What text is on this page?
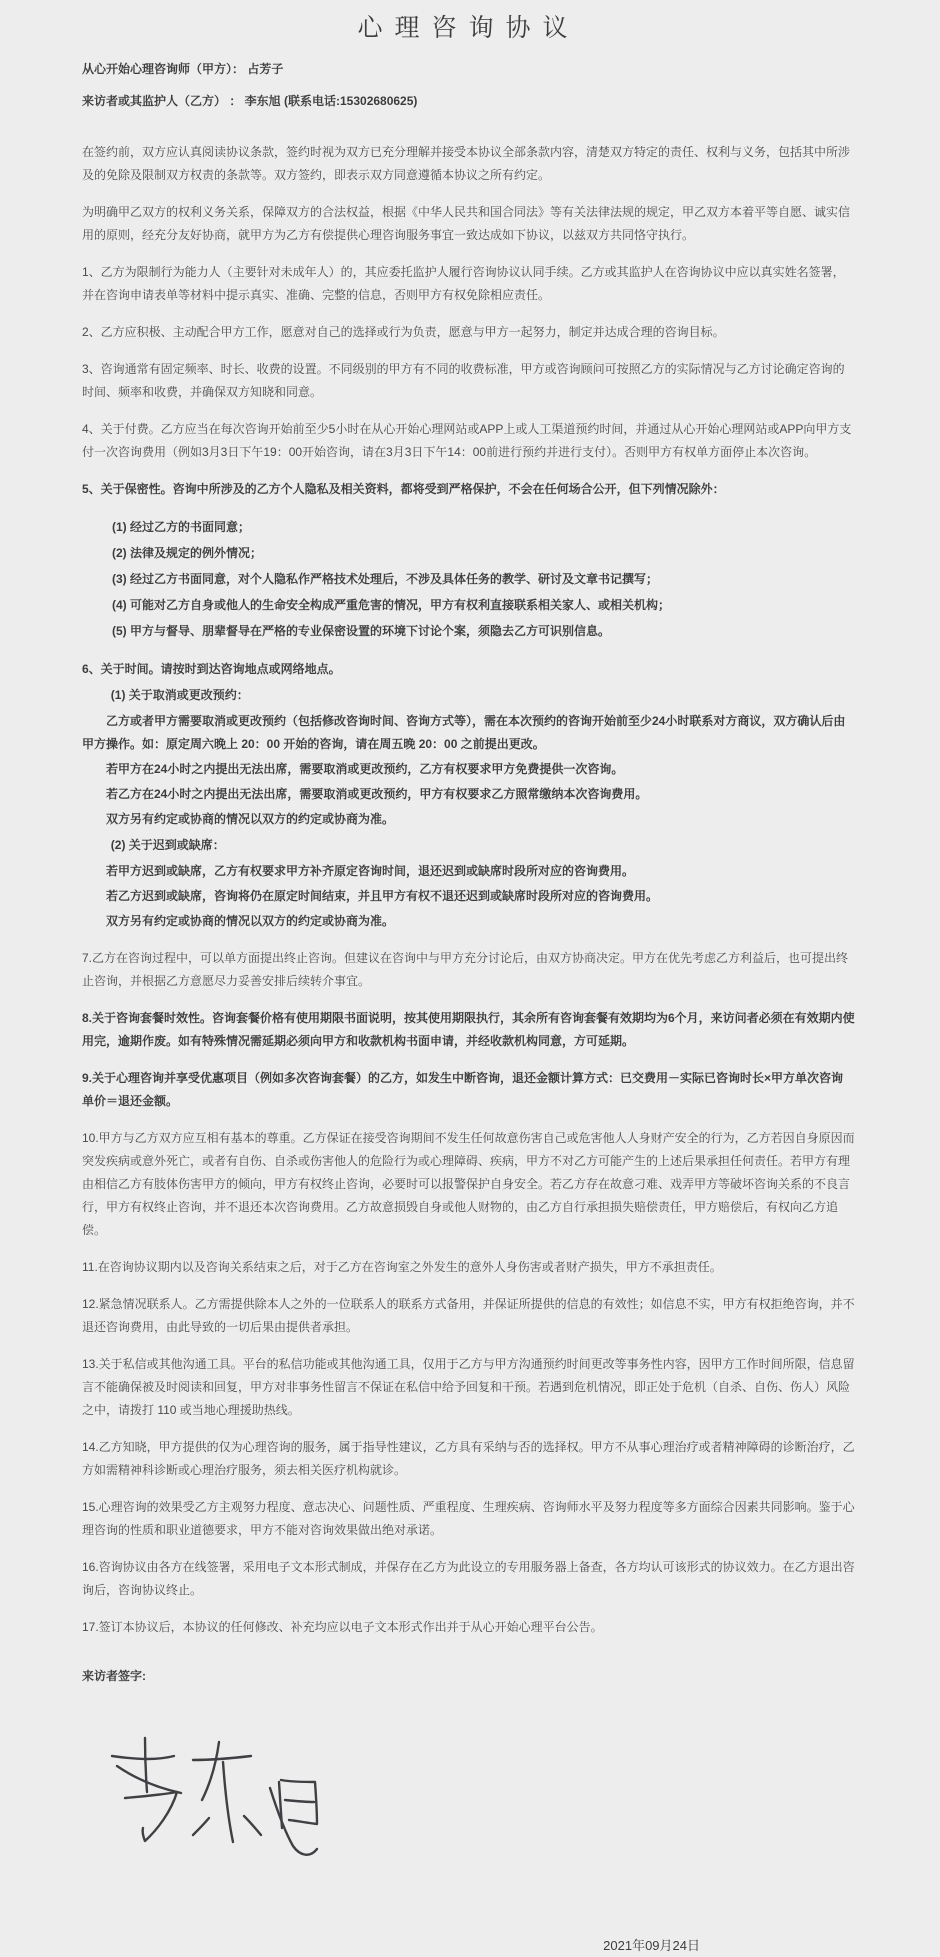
心理咨询协议

从心开始心理咨询师（甲方）： 占芳子

来访者或其监护人（乙方） ： 李东旭 (联系电话:15302680625)

在签约前，双方应认真阅读协议条款，签约时视为双方已充分理解并接受本协议全部条款内容，清楚双方特定的责任、权利与义务，包括其中所涉及的免除及限制双方权责的条款等。双方签约，即表示双方同意遵循本协议之所有约定。

为明确甲乙双方的权利义务关系，保障双方的合法权益，根据《中华人民共和国合同法》等有关法律法规的规定，甲乙双方本着平等自愿、诚实信用的原则，经充分友好协商，就甲方为乙方有偿提供心理咨询服务事宜一致达成如下协议，以兹双方共同恪守执行。

1、乙方为限制行为能力人（主要针对未成年人）的，其应委托监护人履行咨询协议认同手续。乙方或其监护人在咨询协议中应以真实姓名签署，并在咨询申请表单等材料中提示真实、准确、完整的信息，否则甲方有权免除相应责任。

2、乙方应积极、主动配合甲方工作，愿意对自己的选择或行为负责，愿意与甲方一起努力，制定并达成合理的咨询目标。

3、咨询通常有固定频率、时长、收费的设置。不同级别的甲方有不同的收费标准，甲方或咨询顾问可按照乙方的实际情况与乙方讨论确定咨询的时间、频率和收费，并确保双方知晓和同意。

4、关于付费。乙方应当在每次咨询开始前至少5小时在从心开始心理网站或APP上或人工渠道预约时间，并通过从心开始心理网站或APP向甲方支付一次咨询费用（例如3月3日下午19：00开始咨询，请在3月3日下午14：00前进行预约并进行支付）。否则甲方有权单方面停止本次咨询。

5、关于保密性。咨询中所涉及的乙方个人隐私及相关资料，都将受到严格保护，不会在任何场合公开，但下列情况除外：

(1) 经过乙方的书面同意；

(2) 法律及规定的例外情况；

(3) 经过乙方书面同意，对个人隐私作严格技术处理后，不涉及具体任务的教学、研讨及文章书记撰写；

(4) 可能对乙方自身或他人的生命安全构成严重危害的情况，甲方有权利直接联系相关家人、或相关机构；

(5) 甲方与督导、朋辈督导在严格的专业保密设置的环境下讨论个案，须隐去乙方可识别信息。

6、关于时间。请按时到达咨询地点或网络地点。

(1) 关于取消或更改预约：

乙方或者甲方需要取消或更改预约（包括修改咨询时间、咨询方式等），需在本次预约的咨询开始前至少24小时联系对方商议，双方确认后由甲方操作。如：原定周六晚上 20：00 开始的咨询，请在周五晚 20：00 之前提出更改。

若甲方在24小时之内提出无法出席，需要取消或更改预约，乙方有权要求甲方免费提供一次咨询。

若乙方在24小时之内提出无法出席，需要取消或更改预约，甲方有权要求乙方照常缴纳本次咨询费用。

双方另有约定或协商的情况以双方的约定或协商为准。

(2) 关于迟到或缺席：

若甲方迟到或缺席，乙方有权要求甲方补齐原定咨询时间，退还迟到或缺席时段所对应的咨询费用。

若乙方迟到或缺席，咨询将仍在原定时间结束，并且甲方有权不退还迟到或缺席时段所对应的咨询费用。

双方另有约定或协商的情况以双方的约定或协商为准。

7.乙方在咨询过程中，可以单方面提出终止咨询。但建议在咨询中与甲方充分讨论后，由双方协商决定。甲方在优先考虑乙方利益后，也可提出终止咨询，并根据乙方意愿尽力妥善安排后续转介事宜。

8.关于咨询套餐时效性。咨询套餐价格有使用期限书面说明，按其使用期限执行，其余所有咨询套餐有效期均为6个月，来访问者必须在有效期内使用完，逾期作废。如有特殊情况需延期必须向甲方和收款机构书面申请，并经收款机构同意，方可延期。

9.关于心理咨询并享受优惠项目（例如多次咨询套餐）的乙方，如发生中断咨询，退还金额计算方式：已交费用－实际已咨询时长×甲方单次咨询单价＝退还金额。

10.甲方与乙方双方应互相有基本的尊重。乙方保证在接受咨询期间不发生任何故意伤害自己或危害他人人身财产安全的行为，乙方若因自身原因而突发疾病或意外死亡，或者有自伤、自杀或伤害他人的危险行为或心理障碍、疾病，甲方不对乙方可能产生的上述后果承担任何责任。若甲方有理由相信乙方有肢体伤害甲方的倾向，甲方有权终止咨询，必要时可以报警保护自身安全。若乙方存在故意刁难、戏弄甲方等破坏咨询关系的不良言行，甲方有权终止咨询，并不退还本次咨询费用。乙方故意损毁自身或他人财物的，由乙方自行承担损失赔偿责任，甲方赔偿后，有权向乙方追偿。

11.在咨询协议期内以及咨询关系结束之后，对于乙方在咨询室之外发生的意外人身伤害或者财产损失，甲方不承担责任。

12.紧急情况联系人。乙方需提供除本人之外的一位联系人的联系方式备用，并保证所提供的信息的有效性；如信息不实，甲方有权拒绝咨询，并不退还咨询费用，由此导致的一切后果由提供者承担。

13.关于私信或其他沟通工具。平台的私信功能或其他沟通工具，仅用于乙方与甲方沟通预约时间更改等事务性内容，因甲方工作时间所限，信息留言不能确保被及时阅读和回复，甲方对非事务性留言不保证在私信中给予回复和干预。若遇到危机情况，即正处于危机（自杀、自伤、伤人）风险之中，请拨打 110 或当地心理援助热线。

14.乙方知晓，甲方提供的仅为心理咨询的服务，属于指导性建议，乙方具有采纳与否的选择权。甲方不从事心理治疗或者精神障碍的诊断治疗，乙方如需精神科诊断或心理治疗服务，须去相关医疗机构就诊。

15.心理咨询的效果受乙方主观努力程度、意志决心、问题性质、严重程度、生理疾病、咨询师水平及努力程度等多方面综合因素共同影响。鉴于心理咨询的性质和职业道德要求，甲方不能对咨询效果做出绝对承诺。

16.咨询协议由各方在线签署，采用电子文本形式制成，并保存在乙方为此设立的专用服务器上备查，各方均认可该形式的协议效力。在乙方退出咨询后，咨询协议终止。

17.签订本协议后，本协议的任何修改、补充均应以电子文本形式作出并于从心开始心理平台公告。

来访者签字:

2021年09月24日
